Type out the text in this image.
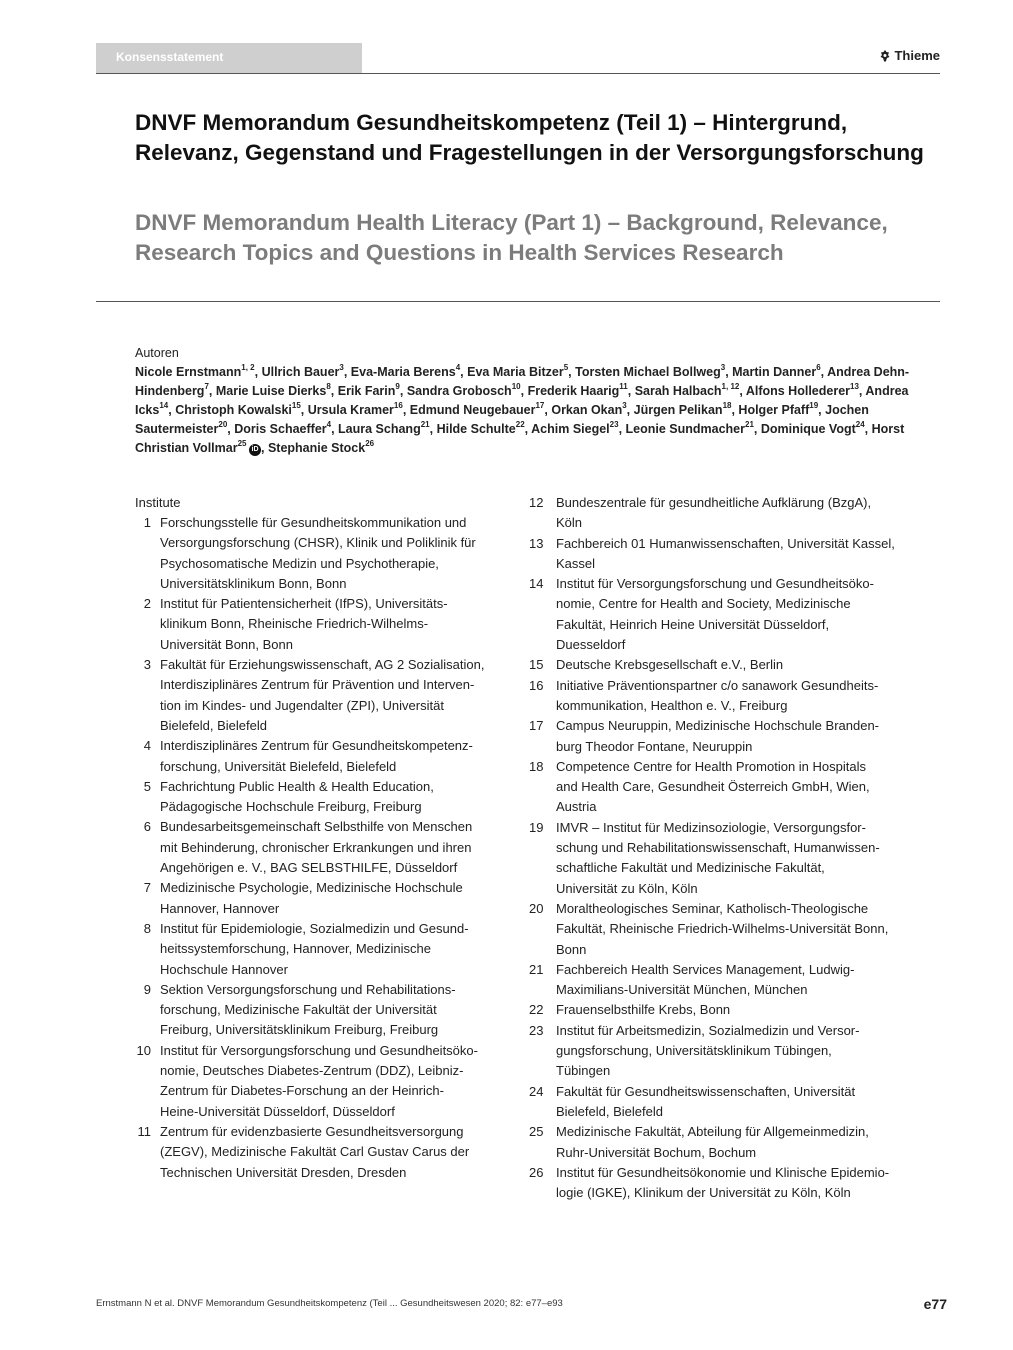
Konsensstatement	Thieme
DNVF Memorandum Gesundheitskompetenz (Teil 1) – Hintergrund, Relevanz, Gegenstand und Fragestellungen in der Versorgungsforschung
DNVF Memorandum Health Literacy (Part 1) – Background, Relevance, Research Topics and Questions in Health Services Research
Autoren
Nicole Ernstmann$^{1, 2}$, Ullrich Bauer$^3$, Eva-Maria Berens$^4$, Eva Maria Bitzer$^5$, Torsten Michael Bollweg$^3$, Martin Danner$^6$, Andrea Dehn-Hindenberg$^7$, Marie Luise Dierks$^8$, Erik Farin$^9$, Sandra Grobosch$^{10}$, Frederik Haarig$^{11}$, Sarah Halbach$^{1, 12}$, Alfons Hollederer$^{13}$, Andrea Icks$^{14}$, Christoph Kowalski$^{15}$, Ursula Kramer$^{16}$, Edmund Neugebauer$^{17}$, Orkan Okan$^3$, Jürgen Pelikan$^{18}$, Holger Pfaff$^{19}$, Jochen Sautermeister$^{20}$, Doris Schaeffer$^4$, Laura Schang$^{21}$, Hilde Schulte$^{22}$, Achim Siegel$^{23}$, Leonie Sundmacher$^{21}$, Dominique Vogt$^{24}$, Horst Christian Vollmar$^{25}$ iD , Stephanie Stock$^{26}$
Institute
1 Forschungsstelle für Gesundheitskommunikation und
Versorgungsforschung (CHSR), Klinik und Poliklinik für
Psychosomatische Medizin und Psychotherapie,
Universitätsklinikum Bonn, Bonn
2 Institut für Patientensicherheit (IfPS), Universitäts-
klinikum Bonn, Rheinische Friedrich-Wilhelms-
Universität Bonn, Bonn
3 Fakultät für Erziehungswissenschaft, AG 2 Sozialisation,
Interdisziplinäres Zentrum für Prävention und Interven-
tion im Kindes- und Jugendalter (ZPI), Universität
Bielefeld, Bielefeld
4 Interdisziplinäres Zentrum für Gesundheitskompetenz-
forschung, Universität Bielefeld, Bielefeld
5 Fachrichtung Public Health & Health Education,
Pädagogische Hochschule Freiburg, Freiburg
6 Bundesarbeitsgemeinschaft Selbsthilfe von Menschen
mit Behinderung, chronischer Erkrankungen und ihren
Angehörigen e. V., BAG SELBSTHILFE, Düsseldorf
7 Medizinische Psychologie, Medizinische Hochschule
Hannover, Hannover
8 Institut für Epidemiologie, Sozialmedizin und Gesund-
heitssystemforschung, Hannover, Medizinische
Hochschule Hannover
9 Sektion Versorgungsforschung und Rehabilitations-
forschung, Medizinische Fakultät der Universität
Freiburg, Universitätsklinikum Freiburg, Freiburg
10 Institut für Versorgungsforschung und Gesundheitsöko-
nomie, Deutsches Diabetes-Zentrum (DDZ), Leibniz-
Zentrum für Diabetes-Forschung an der Heinrich-
Heine-Universität Düsseldorf, Düsseldorf
11 Zentrum für evidenzbasierte Gesundheitsversorgung
(ZEGV), Medizinische Fakultät Carl Gustav Carus der
Technischen Universität Dresden, Dresden
12 Bundeszentrale für gesundheitliche Aufklärung (BzgA),
Köln
13 Fachbereich 01 Humanwissenschaften, Universität Kassel,
Kassel
14 Institut für Versorgungsforschung und Gesundheitsöko-
nomie, Centre for Health and Society, Medizinische
Fakultät, Heinrich Heine Universität Düsseldorf,
Duesseldorf
15 Deutsche Krebsgesellschaft e.V., Berlin
16 Initiative Präventionspartner c/o sanawork Gesundheits-
kommunikation, Healthon e. V., Freiburg
17 Campus Neuruppin, Medizinische Hochschule Branden-
burg Theodor Fontane, Neuruppin
18 Competence Centre for Health Promotion in Hospitals
and Health Care, Gesundheit Österreich GmbH, Wien,
Austria
19 IMVR – Institut für Medizinsoziologie, Versorgungsfor-
schung und Rehabilitationswissenschaft, Humanwissen-
schaftliche Fakultät und Medizinische Fakultät,
Universität zu Köln, Köln
20 Moraltheologisches Seminar, Katholisch-Theologische
Fakultät, Rheinische Friedrich-Wilhelms-Universität Bonn,
Bonn
21 Fachbereich Health Services Management, Ludwig-
Maximilians-Universität München, München
22 Frauenselbsthilfe Krebs, Bonn
23 Institut für Arbeitsmedizin, Sozialmedizin und Versor-
gungsforschung, Universitätsklinikum Tübingen,
Tübingen
24 Fakultät für Gesundheitswissenschaften, Universität
Bielefeld, Bielefeld
25 Medizinische Fakultät, Abteilung für Allgemeinmedizin,
Ruhr-Universität Bochum, Bochum
26 Institut für Gesundheitsökonomie und Klinische Epidemio-
logie (IGKE), Klinikum der Universität zu Köln, Köln
Ernstmann N et al. DNVF Memorandum Gesundheitskompetenz (Teil ... Gesundheitswesen 2020; 82: e77–e93	e77
